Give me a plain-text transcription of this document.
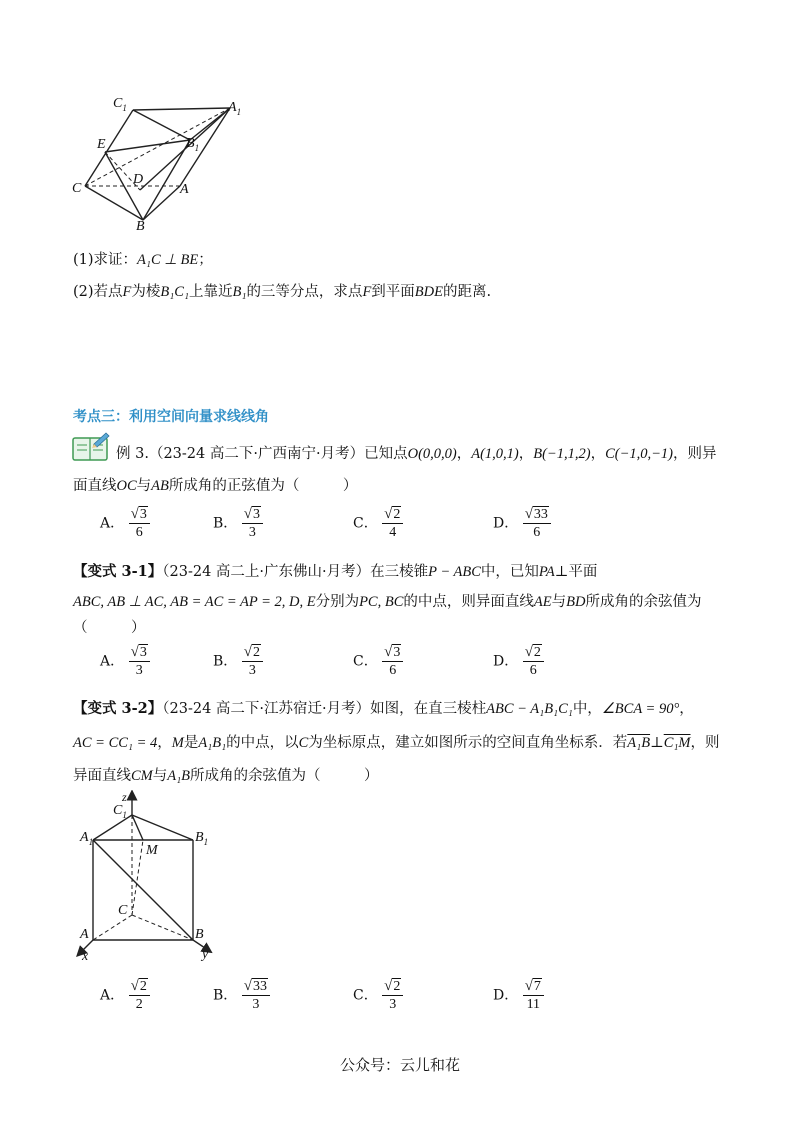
$C_1$	$A_1$
E	$B_1$
D
C	A
B
(1)求证：A₁C ⊥ BE；
(2)若点F为棱B₁C₁上靠近B₁的三等分点，求点F到平面BDE的距离.
考点三：利用空间向量求线线角
例 3.（23-24 高二下·广西南宁·月考）已知点O(0,0,0)，A(1,0,1)，B(−1,1,2)，C(−1,0,−1)，则异
面直线OC与AB所成角的正弦值为（　　　）
A． $\frac{√ 3}{6}$	B． $\frac{√ 3}{3}$	C． $\frac{√ 2}{4}$	D． $\frac{√ 33}{6}$
【变式 3-1】（23-24 高二上·广东佛山·月考）在三棱锥P − ABC中，已知PA⊥平面
ABC, AB ⊥ AC, AB = AC = AP = 2, D, E分别为PC, BC的中点，则异面直线AE与BD所成角的余弦值为
（　　　）
A． $\frac{√ 3}{3}$	B． $\frac{√ 2}{3}$	C． $\frac{√ 3}{6}$	D． $\frac{√ 2}{6}$
【变式 3-2】（23-24 高二下·江苏宿迁·月考）如图，在直三棱柱ABC − A₁B₁C₁中，∠BCA = 90°，
AC = CC₁ = 4，M是A₁B₁的中点，以C为坐标原点，建立如图所示的空间直角坐标系．若A₁B⊥C₁M，则
异面直线CM与A₁B所成角的余弦值为（　　　）
z
$C_1$
$A_1$	$B_1$
M
C
A	B
x	y
A． $\frac{√ 2}{2}$	B． $\frac{√ 33}{3}$	C． $\frac{√ 2}{3}$	D． $\frac{√ 7}{11}$
公众号：云儿和花
